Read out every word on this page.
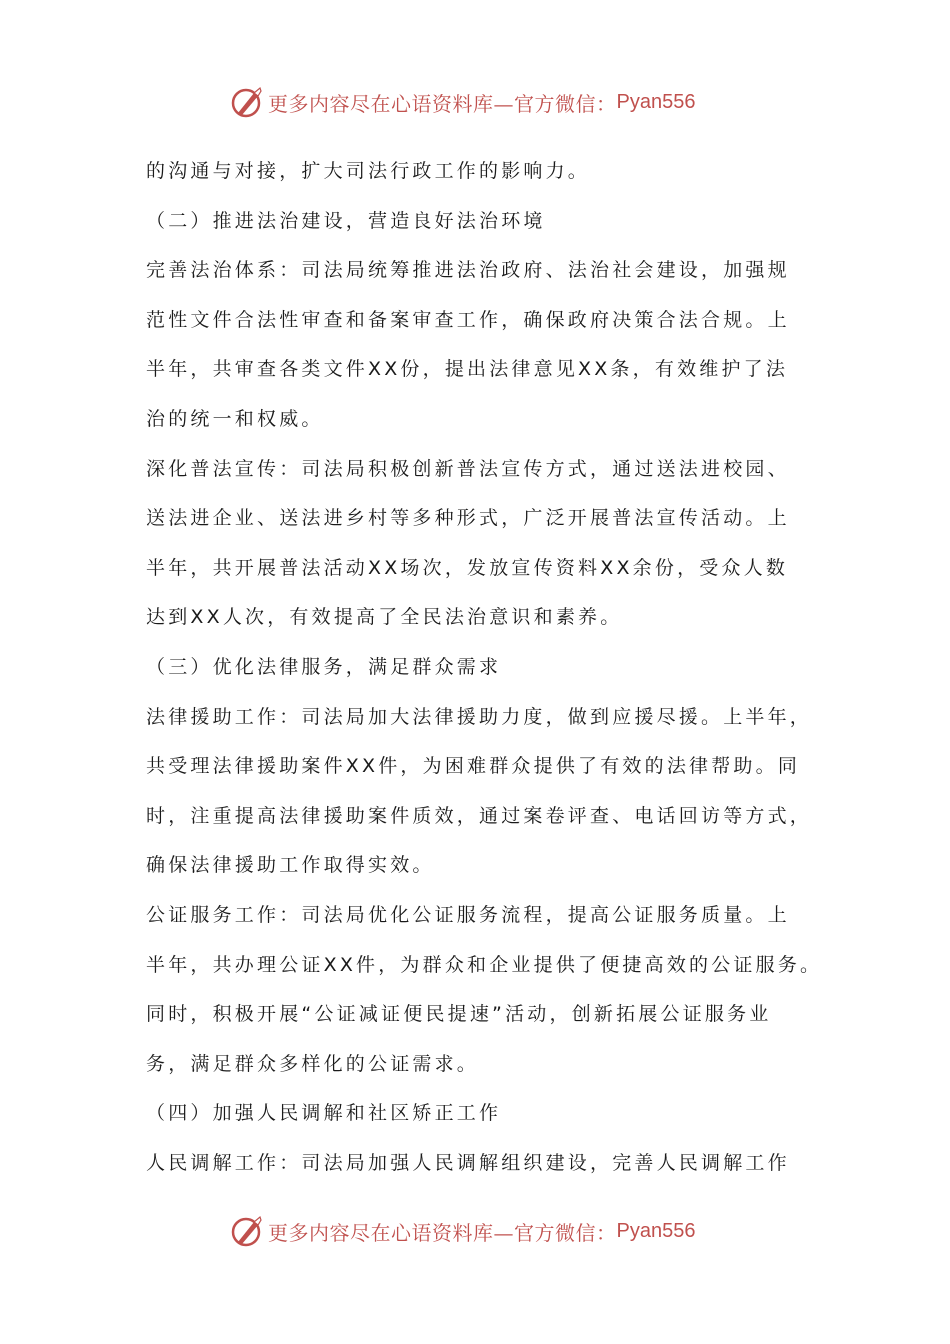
更多内容尽在心语资料库—官方微信： Pyan556
的沟通与对接，扩大司法行政工作的影响力。
（二）推进法治建设，营造良好法治环境
完善法治体系：司法局统筹推进法治政府、法治社会建设，加强规
范性文件合法性审查和备案审查工作，确保政府决策合法合规。上
半年，共审查各类文件XX份，提出法律意见XX条，有效维护了法
治的统一和权威。
深化普法宣传：司法局积极创新普法宣传方式，通过送法进校园、
送法进企业、送法进乡村等多种形式，广泛开展普法宣传活动。上
半年，共开展普法活动XX场次，发放宣传资料XX余份，受众人数
达到XX人次，有效提高了全民法治意识和素养。
（三）优化法律服务，满足群众需求
法律援助工作：司法局加大法律援助力度，做到应援尽援。上半年，
共受理法律援助案件XX件，为困难群众提供了有效的法律帮助。同
时，注重提高法律援助案件质效，通过案卷评查、电话回访等方式，
确保法律援助工作取得实效。
公证服务工作：司法局优化公证服务流程，提高公证服务质量。上
半年，共办理公证XX件，为群众和企业提供了便捷高效的公证服务。
同时，积极开展“公证减证便民提速”活动，创新拓展公证服务业
务，满足群众多样化的公证需求。
（四）加强人民调解和社区矫正工作
人民调解工作：司法局加强人民调解组织建设，完善人民调解工作
更多内容尽在心语资料库—官方微信： Pyan556
